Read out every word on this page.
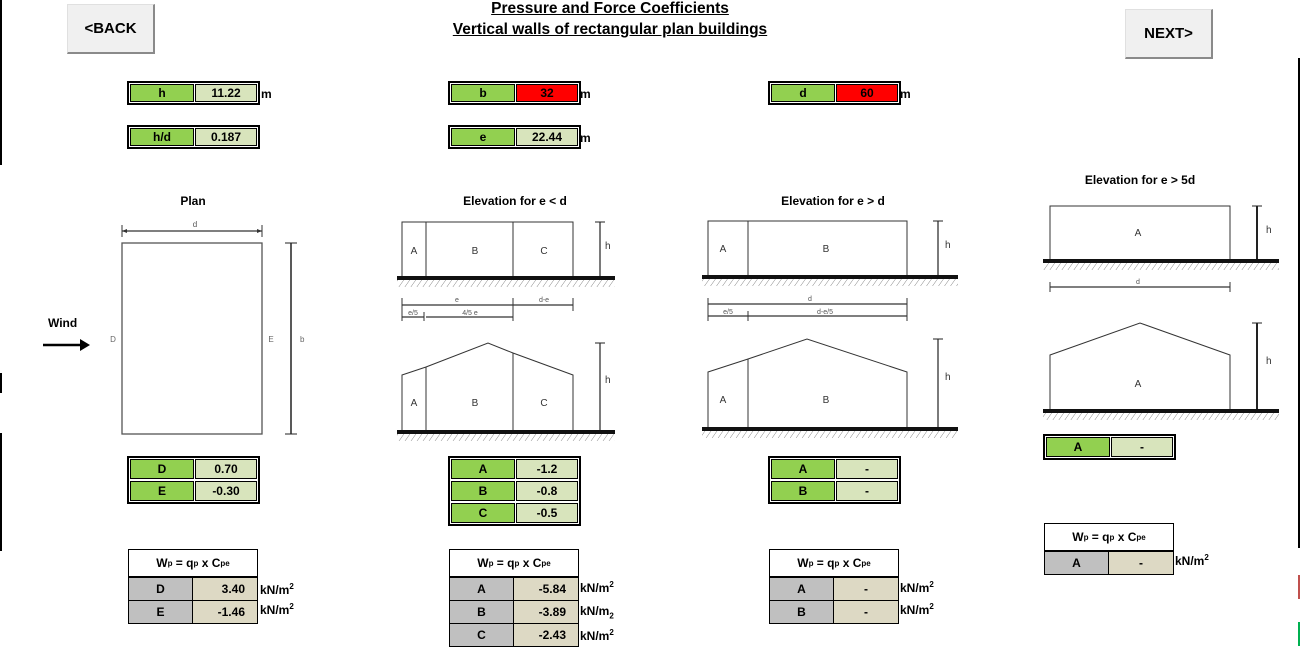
<BACK	NEXT>
Pressure and Force Coefficients
Vertical walls of rectangular plan buildings
h	11.22	m
h/d	0.187
b	32	m
e	22.44	m
d	60	m
Plan
Wind
d
D	E	b
D	0.70
E	-0.30
W p = q p x C pe
D	3.40
E	-1.46
$kN/m^2$
$kN/m^2$
Elevation for e < d
A	B	C	h
e	d-e
e/5	4/5 e
A	B	C
h
A	-1.2
B	-0.8
C	-0.5
W p = q p x C pe
A	-5.84
B	-3.89
C	-2.43
$kN/m^2$
$kN/m_2$
$kN/m^2$
Elevation for e > d
A	B	h
d
e/5	d-e/5
A	B
h
A	-
B	-
W p = q p x C pe
A	-
B	-
$kN/m^2$
$kN/m^2$
Elevation for e > 5d
A	h
d
A
h
A	-
W p = q p x C pe
A	-	$kN/m^2$
